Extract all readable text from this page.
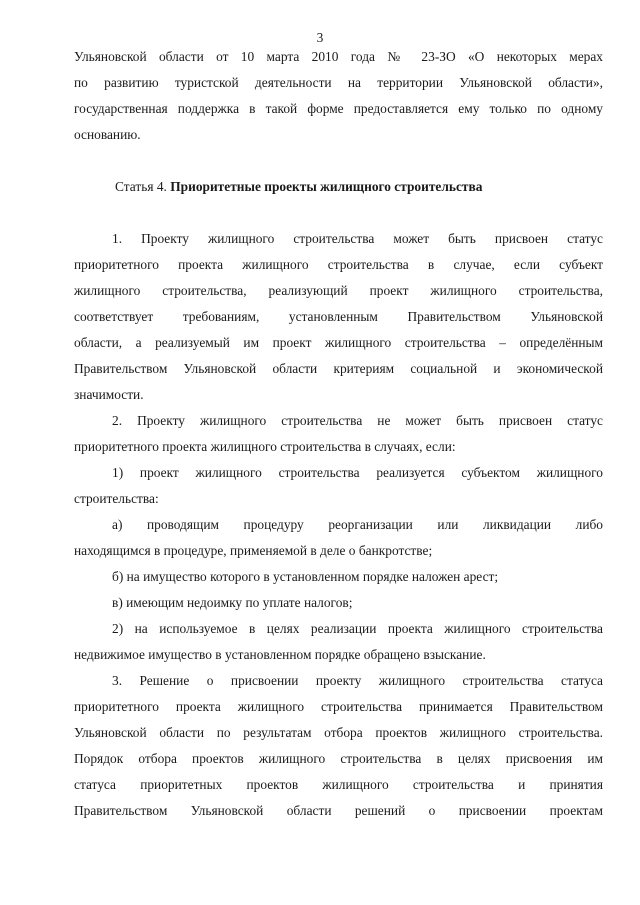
3
Ульяновской области от 10 марта 2010 года № 23-ЗО «О некоторых мерах
по развитию туристской деятельности на территории Ульяновской области»,
государственная поддержка в такой форме предоставляется ему только по одному
основанию.
Статья 4. Приоритетные проекты жилищного строительства
1. Проекту жилищного строительства может быть присвоен статус
приоритетного проекта жилищного строительства в случае, если субъект
жилищного строительства, реализующий проект жилищного строительства,
соответствует требованиям, установленным Правительством Ульяновской
области, а реализуемый им проект жилищного строительства – определённым
Правительством Ульяновской области критериям социальной и экономической
значимости.
2. Проекту жилищного строительства не может быть присвоен статус
приоритетного проекта жилищного строительства в случаях, если:
1) проект жилищного строительства реализуется субъектом жилищного
строительства:
а) проводящим процедуру реорганизации или ликвидации либо
находящимся в процедуре, применяемой в деле о банкротстве;
б) на имущество которого в установленном порядке наложен арест;
в) имеющим недоимку по уплате налогов;
2) на используемое в целях реализации проекта жилищного строительства
недвижимое имущество в установленном порядке обращено взыскание.
3. Решение о присвоении проекту жилищного строительства статуса
приоритетного проекта жилищного строительства принимается Правительством
Ульяновской области по результатам отбора проектов жилищного строительства.
Порядок отбора проектов жилищного строительства в целях присвоения им
статуса приоритетных проектов жилищного строительства и принятия
Правительством Ульяновской области решений о присвоении проектам
